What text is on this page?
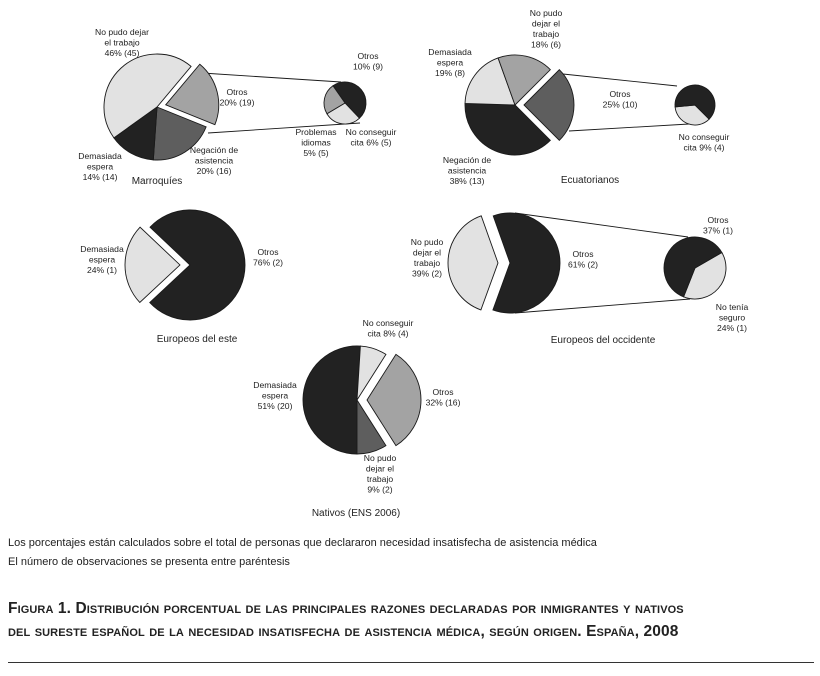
Otros 20% (19)
Negación de asistencia 20% (16)
Demasiada espera 14% (14)
No pudo dejar el trabajo 46% (45)	Otros 10% (9)
No conseguir cita 6% (5)
Problemas idiomas 5% (5)
Marroquíes
Otros 25% (10)
Negación de asistencia 38% (13)
Demasiada espera 19% (8)
No pudo dejar el trabajo 18% (6)
No conseguir cita 9% (4)
Ecuatorianos
Demasiada espera 24% (1)
Otros 76% (2)
Europeos del este
No pudo dejar el trabajo 39% (2)
Otros 61% (2)
No tenía seguro 24% (1)
Otros 37% (1)
Europeos del occidente
Demasiada espera 51% (20)
No conseguir cita 8% (4)
Otros 32% (16)
No pudo dejar el trabajo 9% (2)
Nativos (ENS 2006)
Los porcentajes están calculados sobre el total de personas que declararon necesidad insatisfecha de asistencia médica
El número de observaciones se presenta entre paréntesis
Figura 1. Distribución porcentual de las principales razones declaradas por inmigrantes y nativos
del sureste español de la necesidad insatisfecha de asistencia médica, según origen. España, 2008
